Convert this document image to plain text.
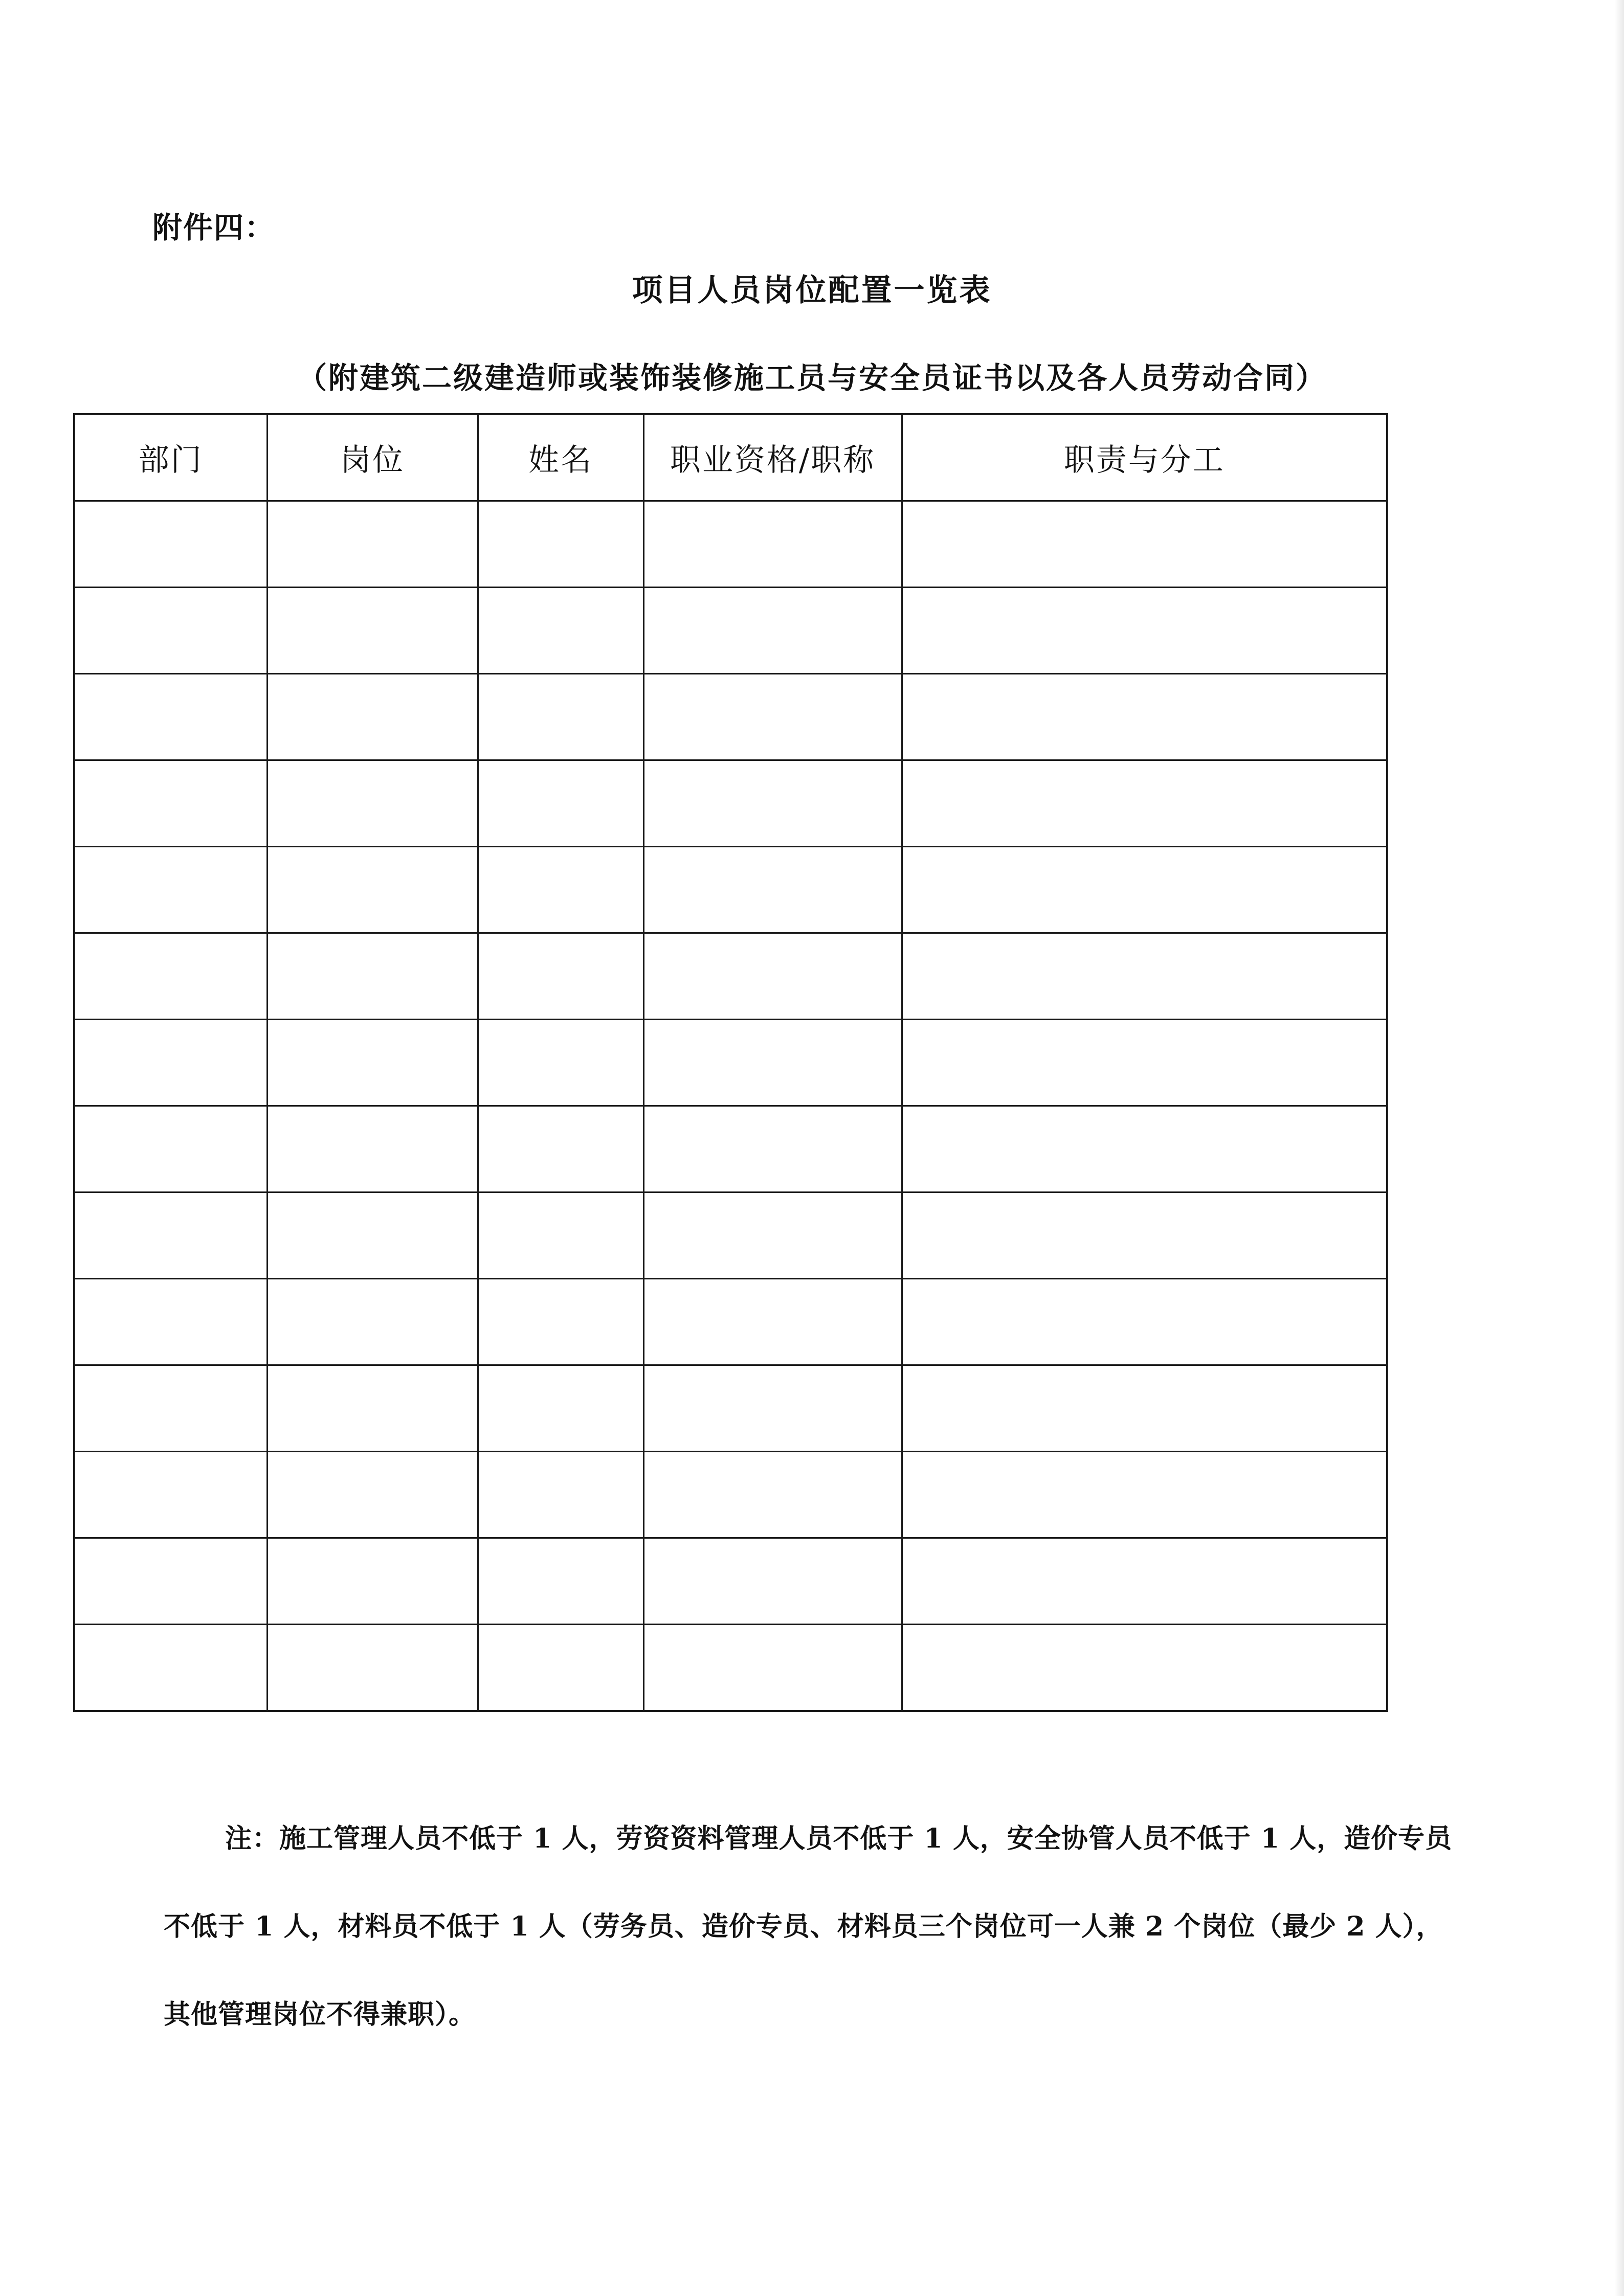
附件四：
项目人员岗位配置一览表
（附建筑二级建造师或装饰装修施工员与安全员证书以及各人员劳动合同）
部门	岗位	姓名	职业资格/职称	职责与分工

注：施工管理人员不低于 1 人，劳资资料管理人员不低于 1 人，安全协管人员不低于 1 人，造价专员
不低于 1 人，材料员不低于 1 人（劳务员、造价专员、材料员三个岗位可一人兼 2 个岗位（最少 2 人），
其他管理岗位不得兼职）。
